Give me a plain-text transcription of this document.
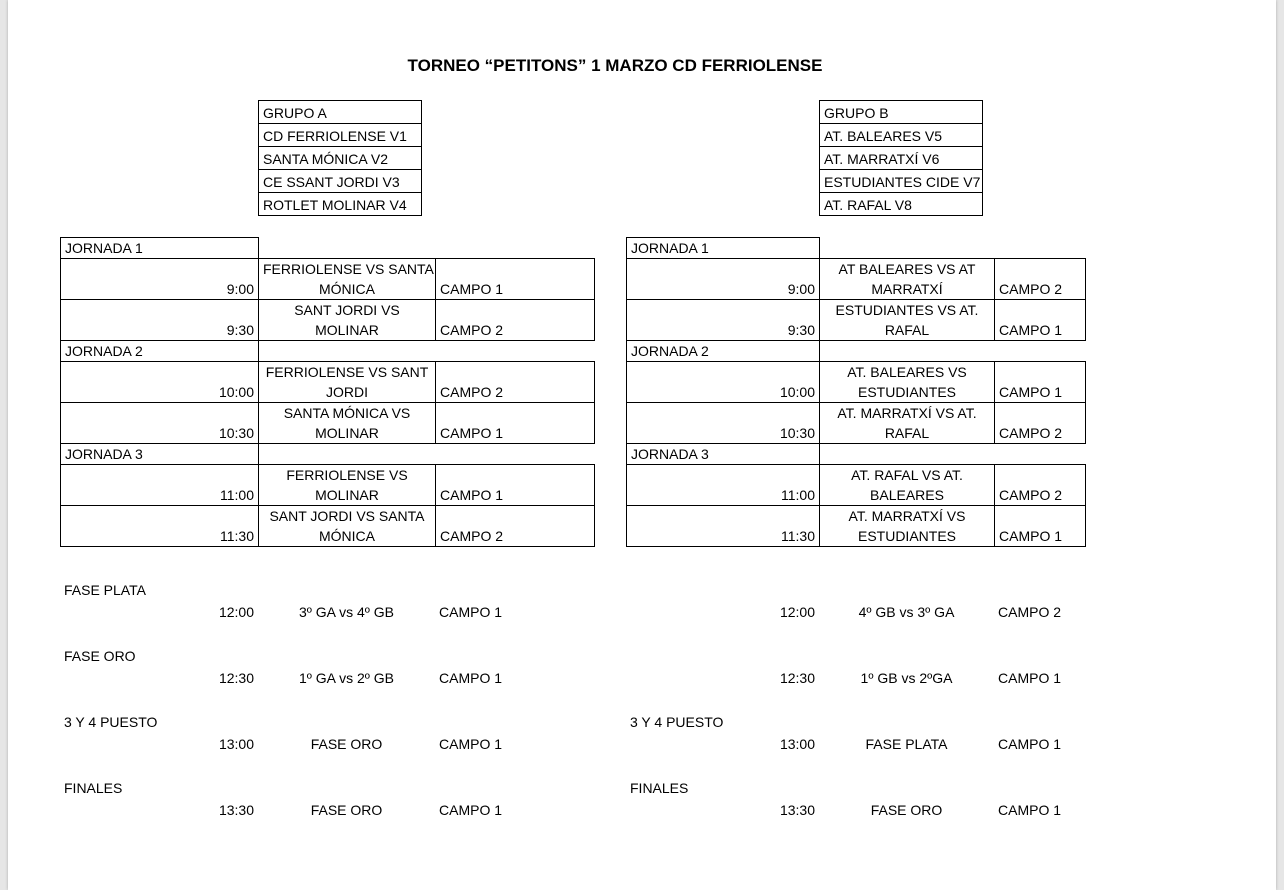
TORNEO “PETITONS” 1 MARZO CD FERRIOLENSE
GRUPO A
CD FERRIOLENSE V1
SANTA MÓNICA V2
CE SSANT JORDI V3
ROTLET MOLINAR V4
GRUPO B
AT. BALEARES V5
AT. MARRATXÍ V6
ESTUDIANTES CIDE V7
AT. RAFAL V8
JORNADA 1		
9:00	FERRIOLENSE VS SANTA	CAMPO 1
	MÓNICA	
9:30	SANT JORDI VS	CAMPO 2
	MOLINAR	
JORNADA 2		
10:00	FERRIOLENSE VS SANT	CAMPO 2
	JORDI	
10:30	SANTA MÓNICA VS	CAMPO 1
	MOLINAR	
JORNADA 3		
11:00	FERRIOLENSE VS	CAMPO 1
	MOLINAR	
11:30	SANT JORDI VS SANTA	CAMPO 2
	MÓNICA	
JORNADA 1		
9:00	AT BALEARES VS AT	CAMPO 2
	MARRATXÍ	
9:30	ESTUDIANTES VS AT.	CAMPO 1
	RAFAL	
JORNADA 2		
10:00	AT. BALEARES VS	CAMPO 1
	ESTUDIANTES	
10:30	AT. MARRATXÍ VS AT.	CAMPO 2
	RAFAL	
JORNADA 3		
11:00	AT. RAFAL VS AT.	CAMPO 2
	BALEARES	
11:30	AT. MARRATXÍ VS	CAMPO 1
	ESTUDIANTES	
FASE PLATA		
12:00	3º GA vs 4º GB	CAMPO 1

FASE ORO		
12:30	1º GA vs 2º GB	CAMPO 1

3 Y 4 PUESTO		
13:00	FASE ORO	CAMPO 1

FINALES		
13:30	FASE ORO	CAMPO 1

12:00	4º GB vs 3º GA	CAMPO 2

12:30	1º GB vs 2ºGA	CAMPO 1

3 Y 4 PUESTO		
13:00	FASE PLATA	CAMPO 1

FINALES		
13:30	FASE ORO	CAMPO 1
